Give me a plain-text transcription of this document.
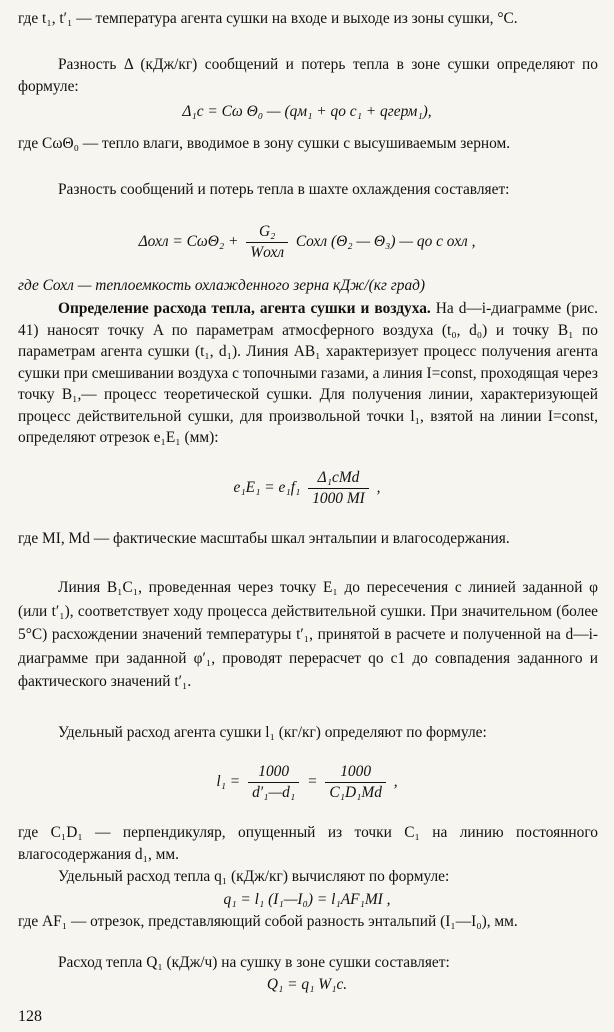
где t₁, t′₁ — температура агента сушки на входе и выходе из зоны сушки, °С.

Разность Δ (кДж/кг) сообщений и потерь тепла в зоне сушки определяют по формуле:

Δ₁c = Cω Θ₀ — (qм₁ + qо с₁ + qгерм₁),

где CωΘ₀ — тепло влаги, вводимое в зону сушки с высушиваемым зерном.

Разность сообщений и потерь тепла в шахте охлаждения составляет:

$\Delta охл = C\omega\Theta_2 + \frac{\text{G₂}}{\text{Wохл}}$ Cохл (Θ₂ — Θ₃) — qо с охл ,

где Cохл — теплоемкость охлажденного зерна кДж/(кг град)

Определение расхода тепла, агента сушки и воздуха. На d—i-диаграмме (рис. 41) наносят точку A по параметрам атмосферного воздуха (t₀, d₀) и точку B₁ по параметрам агента сушки (t₁, d₁). Линия AB₁ характеризует процесс получения агента сушки при смешивании воздуха с топочными газами, а линия I=const, проходящая через точку B₁,— процесс теоретической сушки. Для получения линии, характеризующей процесс действительной сушки, для произвольной точки l₁, взятой на линии I=const, определяют отрезок e₁E₁ (мм):

$e_1E_1 = e_1f_1 \frac{\text{Δ₁cMd}}{1000 MI}$ ,

где MI, Md — фактические масштабы шкал энтальпии и влагосодержания.

Линия B₁C₁, проведенная через точку E₁ до пересечения с линией заданной φ (или t′₁), соответствует ходу процесса действительной сушки. При значительном (более 5°С) расхождении значений температуры t′₁, принятой в расчете и полученной на d—i-диаграмме при заданной φ′₁, проводят перерасчет qо с1 до совпадения заданного и фактического значений t′₁.

Удельный расход агента сушки l₁ (кг/кг) определяют по формуле:

$l_1 = \frac{1000}{\text{d′₁—d₁}} = \frac{1000}{\text{C₁D₁Md}}$ ,

где C₁D₁ — перпендикуляр, опущенный из точки C₁ на линию постоянного влагосодержания d₁, мм.

Удельный расход тепла q₁ (кДж/кг) вычисляют по формуле:

q₁ = l₁ (I₁—I₀) = l₁AF₁MI ,

где AF₁ — отрезок, представляющий собой разность энтальпий (I₁—I₀), мм.

Расход тепла Q₁ (кДж/ч) на сушку в зоне сушки составляет:

Q₁ = q₁ W₁c.

128
